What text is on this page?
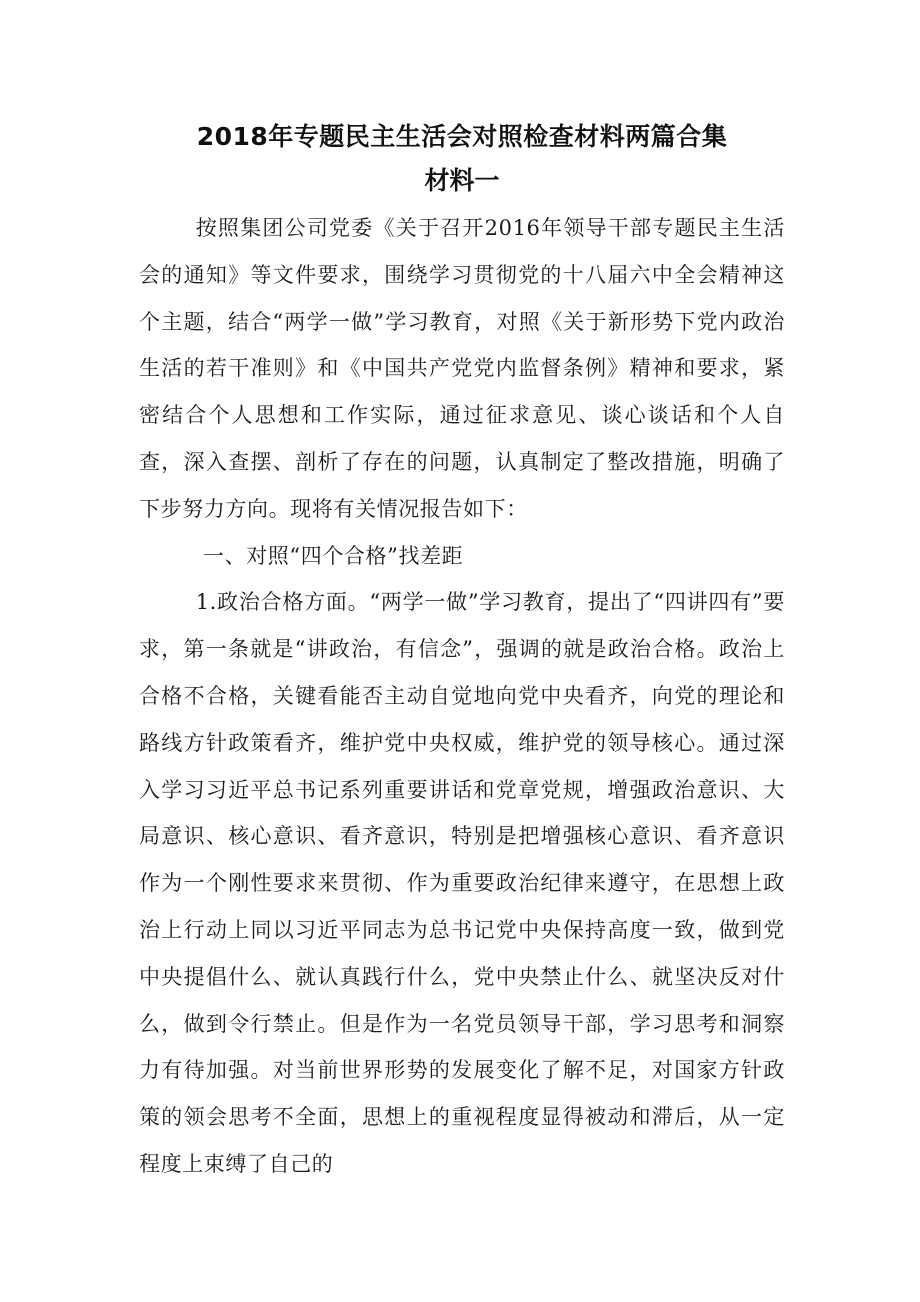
2018年专题民主生活会对照检查材料两篇合集
材料一

按照集团公司党委《关于召开2016年领导干部专题民主生活会的通知》等文件要求，围绕学习贯彻党的十八届六中全会精神这个主题，结合“两学一做”学习教育，对照《关于新形势下党内政治生活的若干准则》和《中国共产党党内监督条例》精神和要求，紧密结合个人思想和工作实际，通过征求意见、谈心谈话和个人自查，深入查摆、剖析了存在的问题，认真制定了整改措施，明确了下步努力方向。现将有关情况报告如下：

一、对照“四个合格”找差距

1.政治合格方面。“两学一做”学习教育，提出了“四讲四有”要求，第一条就是“讲政治，有信念”，强调的就是政治合格。政治上合格不合格，关键看能否主动自觉地向党中央看齐，向党的理论和路线方针政策看齐，维护党中央权威，维护党的领导核心。通过深入学习习近平总书记系列重要讲话和党章党规，增强政治意识、大局意识、核心意识、看齐意识，特别是把增强核心意识、看齐意识作为一个刚性要求来贯彻、作为重要政治纪律来遵守，在思想上政治上行动上同以习近平同志为总书记党中央保持高度一致，做到党中央提倡什么、就认真践行什么，党中央禁止什么、就坚决反对什么，做到令行禁止。但是作为一名党员领导干部，学习思考和洞察力有待加强。对当前世界形势的发展变化了解不足，对国家方针政策的领会思考不全面，思想上的重视程度显得被动和滞后，从一定程度上束缚了自己的
